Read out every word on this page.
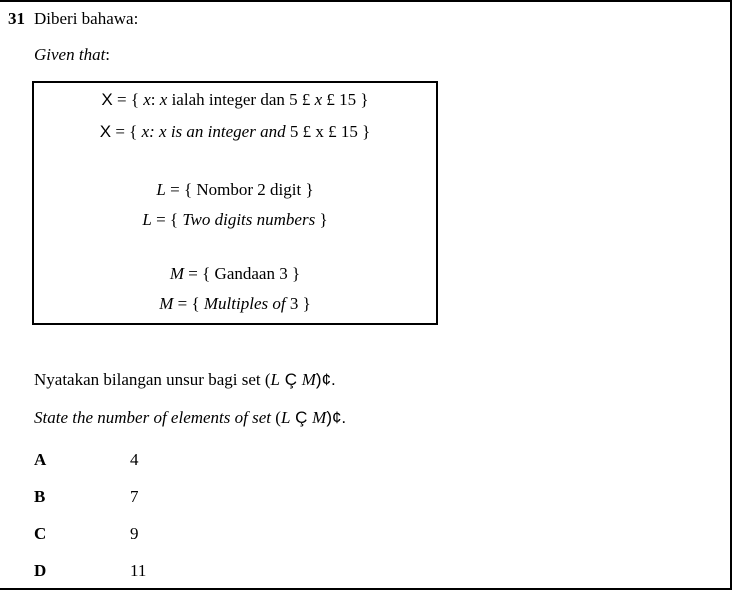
31 Diberi bahawa:
Given that:
X = { x: x ialah integer dan 5 £ x £ 15 }
X = { x: x is an integer and 5 £ x £ 15 }
L = { Nombor 2 digit }
L = { Two digits numbers }
M = { Gandaan 3 }
M = { Multiples of 3 }
Nyatakan bilangan unsur bagi set (L Ç M)¢.
State the number of elements of set (L Ç M)¢.
A	4
B	7
C	9
D	11
